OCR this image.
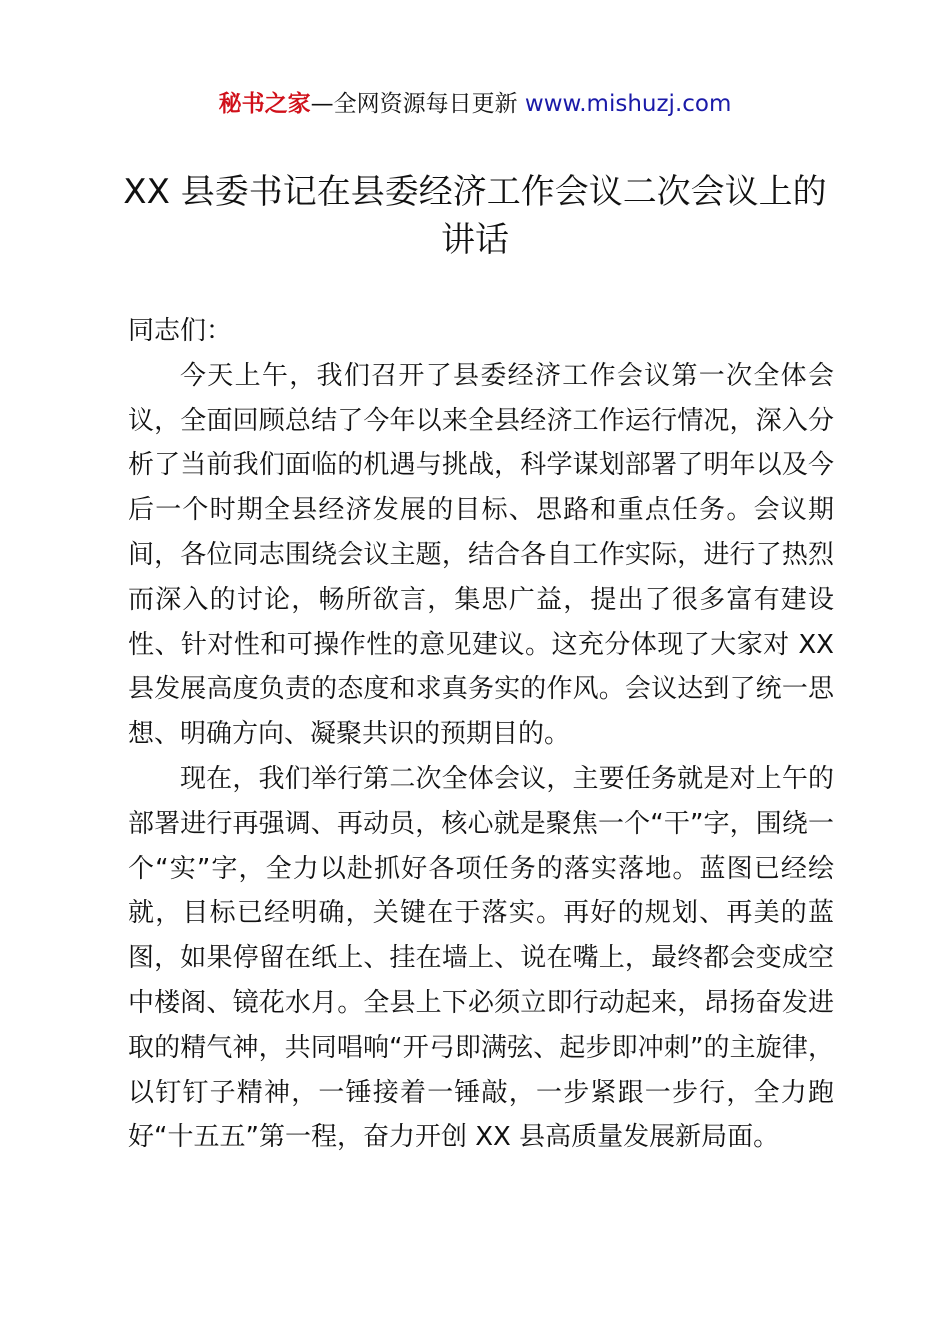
秘书之家—全网资源每日更新 www.mishuzj.com
XX 县委书记在县委经济工作会议二次会议上的讲话

同志们：

今天上午，我们召开了县委经济工作会议第一次全体会议，全面回顾总结了今年以来全县经济工作运行情况，深入分析了当前我们面临的机遇与挑战，科学谋划部署了明年以及今后一个时期全县经济发展的目标、思路和重点任务。会议期间，各位同志围绕会议主题，结合各自工作实际，进行了热烈而深入的讨论，畅所欲言，集思广益，提出了很多富有建设性、针对性和可操作性的意见建议。这充分体现了大家对 XX 县发展高度负责的态度和求真务实的作风。会议达到了统一思想、明确方向、凝聚共识的预期目的。

现在，我们举行第二次全体会议，主要任务就是对上午的部署进行再强调、再动员，核心就是聚焦一个“干”字，围绕一个“实”字，全力以赴抓好各项任务的落实落地。蓝图已经绘就，目标已经明确，关键在于落实。再好的规划、再美的蓝图，如果停留在纸上、挂在墙上、说在嘴上，最终都会变成空中楼阁、镜花水月。全县上下必须立即行动起来，昂扬奋发进取的精气神，共同唱响“开弓即满弦、起步即冲刺”的主旋律，以钉钉子精神，一锤接着一锤敲，一步紧跟一步行，全力跑好“十五五”第一程，奋力开创 XX 县高质量发展新局面。
